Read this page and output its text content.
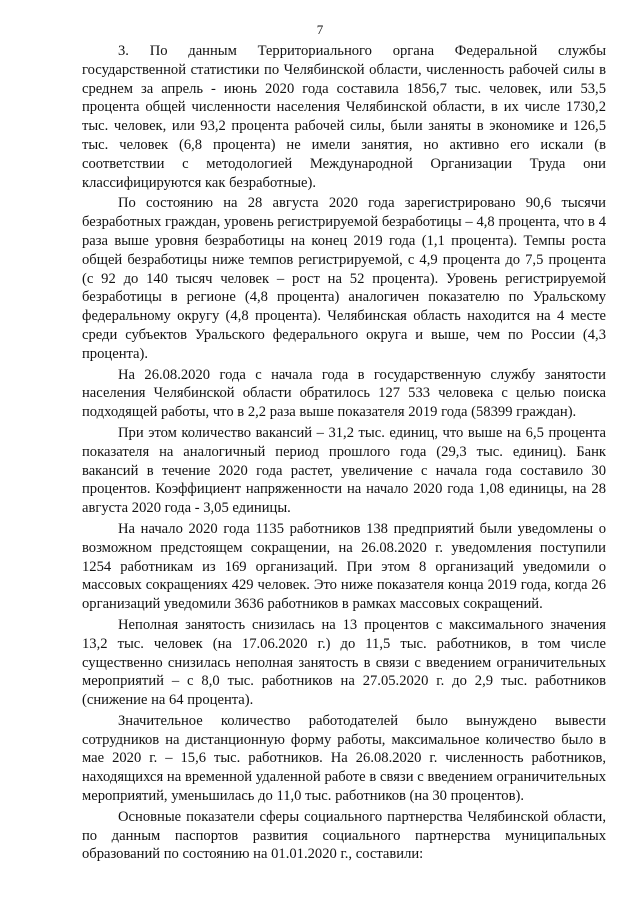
7

3. По данным Территориального органа Федеральной службы государственной статистики по Челябинской области, численность рабочей силы в среднем за апрель - июнь 2020 года составила 1856,7 тыс. человек, или 53,5 процента общей численности населения Челябинской области, в их числе 1730,2 тыс. человек, или 93,2 процента рабочей силы, были заняты в экономике и 126,5 тыс. человек (6,8 процента) не имели занятия, но активно его искали (в соответствии с методологией Международной Организации Труда они классифицируются как безработные).

По состоянию на 28 августа 2020 года зарегистрировано 90,6 тысячи безработных граждан, уровень регистрируемой безработицы – 4,8 процента, что в 4 раза выше уровня безработицы на конец 2019 года (1,1 процента). Темпы роста общей безработицы ниже темпов регистрируемой, с 4,9 процента до 7,5 процента (с 92 до 140 тысяч человек – рост на 52 процента). Уровень регистрируемой безработицы в регионе (4,8 процента) аналогичен показателю по Уральскому федеральному округу (4,8 процента). Челябинская область находится на 4 месте среди субъектов Уральского федерального округа и выше, чем по России (4,3 процента).

На 26.08.2020 года с начала года в государственную службу занятости населения Челябинской области обратилось 127 533 человека с целью поиска подходящей работы, что в 2,2 раза выше показателя 2019 года (58399 граждан).

При этом количество вакансий – 31,2 тыс. единиц, что выше на 6,5 процента показателя на аналогичный период прошлого года (29,3 тыс. единиц). Банк вакансий в течение 2020 года растет, увеличение с начала года составило 30 процентов. Коэффициент напряженности на начало 2020 года 1,08 единицы, на 28 августа 2020 года - 3,05 единицы.

На начало 2020 года 1135 работников 138 предприятий были уведомлены о возможном предстоящем сокращении, на 26.08.2020 г. уведомления поступили 1254 работникам из 169 организаций. При этом 8 организаций уведомили о массовых сокращениях 429 человек. Это ниже показателя конца 2019 года, когда 26 организаций уведомили 3636 работников в рамках массовых сокращений.

Неполная занятость снизилась на 13 процентов с максимального значения 13,2 тыс. человек (на 17.06.2020 г.) до 11,5 тыс. работников, в том числе существенно снизилась неполная занятость в связи с введением ограничительных мероприятий – с 8,0 тыс. работников на 27.05.2020 г. до 2,9 тыс. работников (снижение на 64 процента).

Значительное количество работодателей было вынуждено вывести сотрудников на дистанционную форму работы, максимальное количество было в мае 2020 г. – 15,6 тыс. работников. На 26.08.2020 г. численность работников, находящихся на временной удаленной работе в связи с введением ограничительных мероприятий, уменьшилась до 11,0 тыс. работников (на 30 процентов).

Основные показатели сферы социального партнерства Челябинской области, по данным паспортов развития социального партнерства муниципальных образований по состоянию на 01.01.2020 г., составили:
